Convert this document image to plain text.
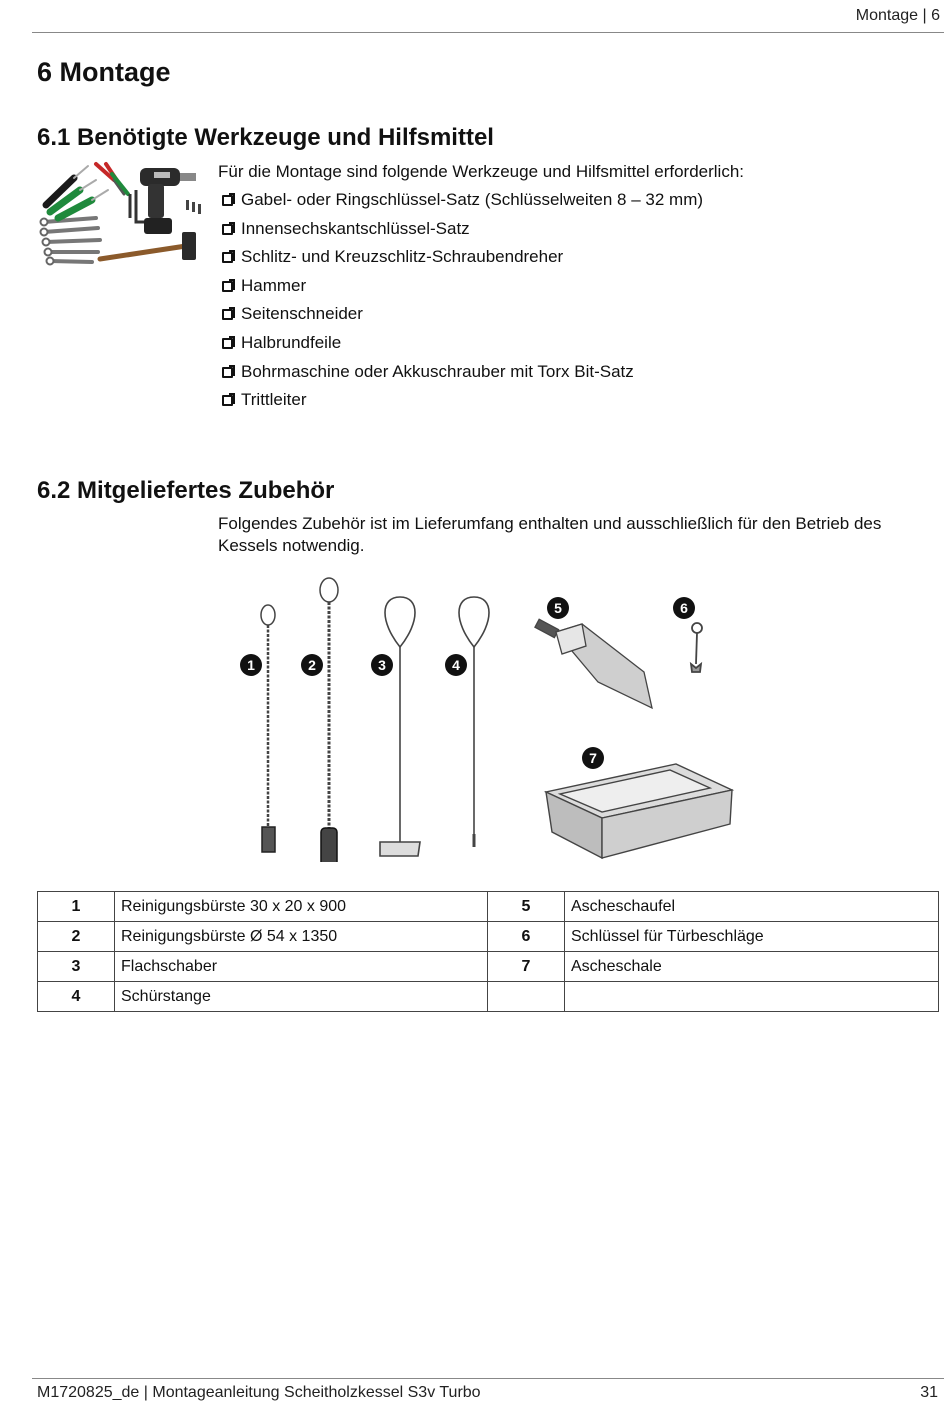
Montage | 6
6 Montage
6.1 Benötigte Werkzeuge und Hilfsmittel
Für die Montage sind folgende Werkzeuge und Hilfsmittel erforderlich:
Gabel- oder Ringschlüssel-Satz (Schlüsselweiten 8 – 32 mm)
Innensechskantschlüssel-Satz
Schlitz- und Kreuzschlitz-Schraubendreher
Hammer
Seitenschneider
Halbrundfeile
Bohrmaschine oder Akkuschrauber mit Torx Bit-Satz
Trittleiter
6.2 Mitgeliefertes Zubehör
Folgendes Zubehör ist im Lieferumfang enthalten und ausschließlich für den Betrieb des Kessels notwendig.
1	2	3	4
5	6
7
1	Reinigungsbürste 30 x 20 x 900	5	Ascheschaufel
2	Reinigungsbürste Ø 54 x 1350	6	Schlüssel für Türbeschläge
3	Flachschaber	7	Ascheschale
4	Schürstange		
M1720825_de | Montageanleitung Scheitholzkessel S3v Turbo	31
